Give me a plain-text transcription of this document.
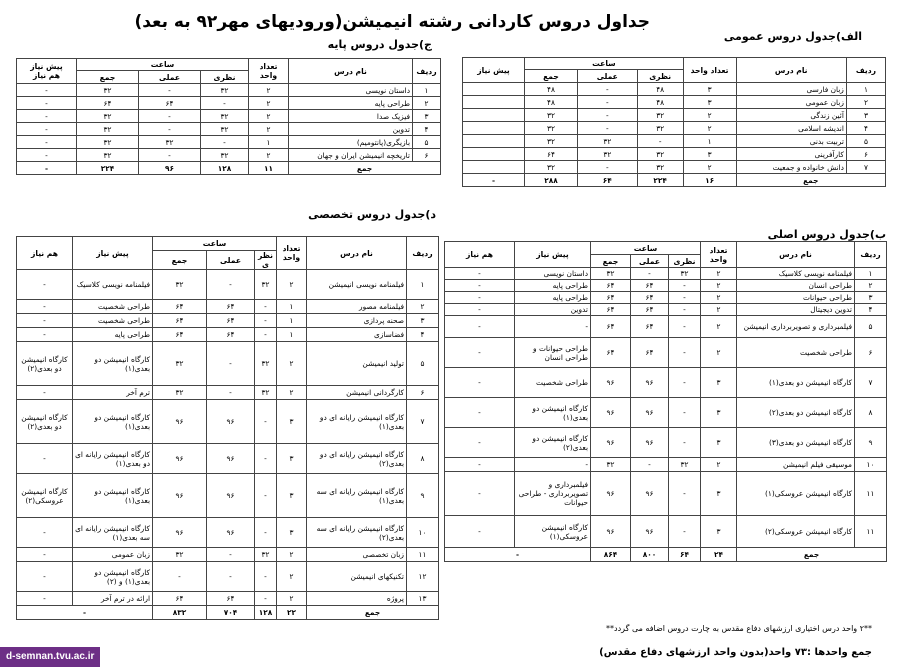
جداول دروس کاردانی رشته انیمیشن(ورودیهای مهر۹۲ به بعد)
الف)جدول دروس عمومی
ج)جدول دروس پایه
ب)جدول دروس اصلی
د)جدول دروس تخصصی
پیش نیاز	ساعت			تعداد واحد	نام درس	ردیف
	جمع	عملی	نظری			
	۴۸	-	۴۸	۳	زبان فارسی	۱
	۴۸	-	۴۸	۳	زبان عمومی	۲
	۳۲	-	۳۲	۲	آئین زندگی	۳
	۳۲	-	۳۲	۲	اندیشه اسلامی	۴
	۳۲	۳۲	-	۱	تربیت بدنی	۵
	۶۴	۳۲	۳۲	۳	کارآفرینی	۶
	۳۲	-	۳۲	۲	دانش خانواده و جمعیت	۷
-	۲۸۸	۶۴	۲۲۴	۱۶	جمع	
پیش نیاز
هم نیاز	ساعت			تعداد
واحد	نام درس	ردیف
	جمع	عملی	نظری			
-	۳۲	-	۳۲	۲	داستان نویسی	۱
-	۶۴	۶۴	-	۲	طراحی پایه	۲
-	۳۲	-	۳۲	۲	فیزیک صدا	۳
-	۳۲	-	۳۲	۲	تدوین	۴
-	۳۲	۳۲	-	۱	بازیگری(پانتومیم)	۵
-	۳۲	-	۳۲	۲	تاریخچه انیمیشن ایران و جهان	۶
-	۲۲۴	۹۶	۱۲۸	۱۱	جمع	
هم نیاز	پیش نیاز	ساعت			تعداد
واحد	نام درس	ردیف
		جمع	عملی	نظری			
-	داستان نویسی	۳۲	-	۳۲	۲	فیلمنامه نویسی کلاسیک	۱
-	طراحی پایه	۶۴	۶۴	-	۲	طراحی انسان	۲
-	طراحی پایه	۶۴	۶۴	-	۲	طراحی حیوانات	۳
-	تدوین	۶۴	۶۴	-	۲	تدوین دیجیتال	۴
-	-	۶۴	۶۴	-	۲	فیلمبرداری و تصویربرداری انیمیشن	۵
-	طراحی حیوانات و طراحی انسان	۶۴	۶۴	-	۲	طراحی شخصیت	۶
-	طراحی شخصیت	۹۶	۹۶	-	۳	کارگاه انیمیشن دو بعدی(۱)	۷
-	کارگاه انیمیشن دو بعدی(۱)	۹۶	۹۶	-	۳	کارگاه انیمیشن دو بعدی(۲)	۸
-	کارگاه انیمیشن دو بعدی(۲)	۹۶	۹۶	-	۳	کارگاه انیمیشن دو بعدی(۳)	۹
-	-	۳۲	-	۳۲	۲	موسیقی فیلم انیمیشن	۱۰
-	فیلمبرداری و تصویربرداری - طراحی حیوانات	۹۶	۹۶	-	۳	کارگاه انیمیشن عروسکی(۱)	۱۱
-	کارگاه انیمیشن عروسکی(۱)	۹۶	۹۶	-	۳	کارگاه انیمیشن عروسکی(۲)	۱۱
-		۸۶۴	۸۰۰	۶۴	۲۴	جمع	
هم نیاز	پیش نیاز	ساعت			تعداد
واحد	نام درس	ردیف
		جمع	عملی	نظری			
-	فیلمنامه نویسی کلاسیک	۳۲	-	۳۲	۲	فیلمنامه نویسی انیمیشن	۱
-	طراحی شخصیت	۶۴	۶۴	-	۱	فیلمنامه مصور	۲
-	طراحی شخصیت	۶۴	۶۴	-	۱	صحنه پردازی	۳
-	طراحی پایه	۶۴	۶۴	-	۱	فضاسازی	۴
کارگاه انیمیشن دو بعدی(۲)	کارگاه انیمیشن دو بعدی(۱)	۳۲	-	۳۲	۲	تولید انیمیشن	۵
-	ترم آخر	۳۲	-	۳۲	۲	کارگردانی انیمیشن	۶
کارگاه انیمیشن دو بعدی(۲)	کارگاه انیمیشن دو بعدی(۱)	۹۶	۹۶	-	۳	کارگاه انیمیشن رایانه ای دو بعدی(۱)	۷
-	کارگاه انیمیشن رایانه ای دو بعدی(۱)	۹۶	۹۶	-	۳	کارگاه انیمیشن رایانه ای دو بعدی(۲)	۸
کارگاه انیمیشن عروسکی(۲)	کارگاه انیمیشن دو بعدی(۱)	۹۶	۹۶	-	۳	کارگاه انیمیشن رایانه ای سه بعدی(۱)	۹
-	کارگاه انیمیشن رایانه ای سه بعدی(۱)	۹۶	۹۶	-	۳	کارگاه انیمیشن رایانه ای سه بعدی(۲)	۱۰
-	زبان عمومی	۳۲	-	۳۲	۲	زبان تخصصی	۱۱
-	کارگاه انیمیشن دو بعدی(۱) و (۲)	-	-	-	۲	تکنیکهای انیمیشن	۱۲
-	ارائه در ترم آخر	۶۴	۶۴	-	۲	پروژه	۱۳
-		۸۳۲	۷۰۴	۱۲۸	۲۲	جمع	
**۲ واحد درس اختیاری ارزشهای دفاع مقدس به چارت دروس اضافه می گردد**
جمع واحدها :۷۳ واحد(بدون واحد ارزشهای دفاع مقدس)
d-semnan.tvu.ac.ir
